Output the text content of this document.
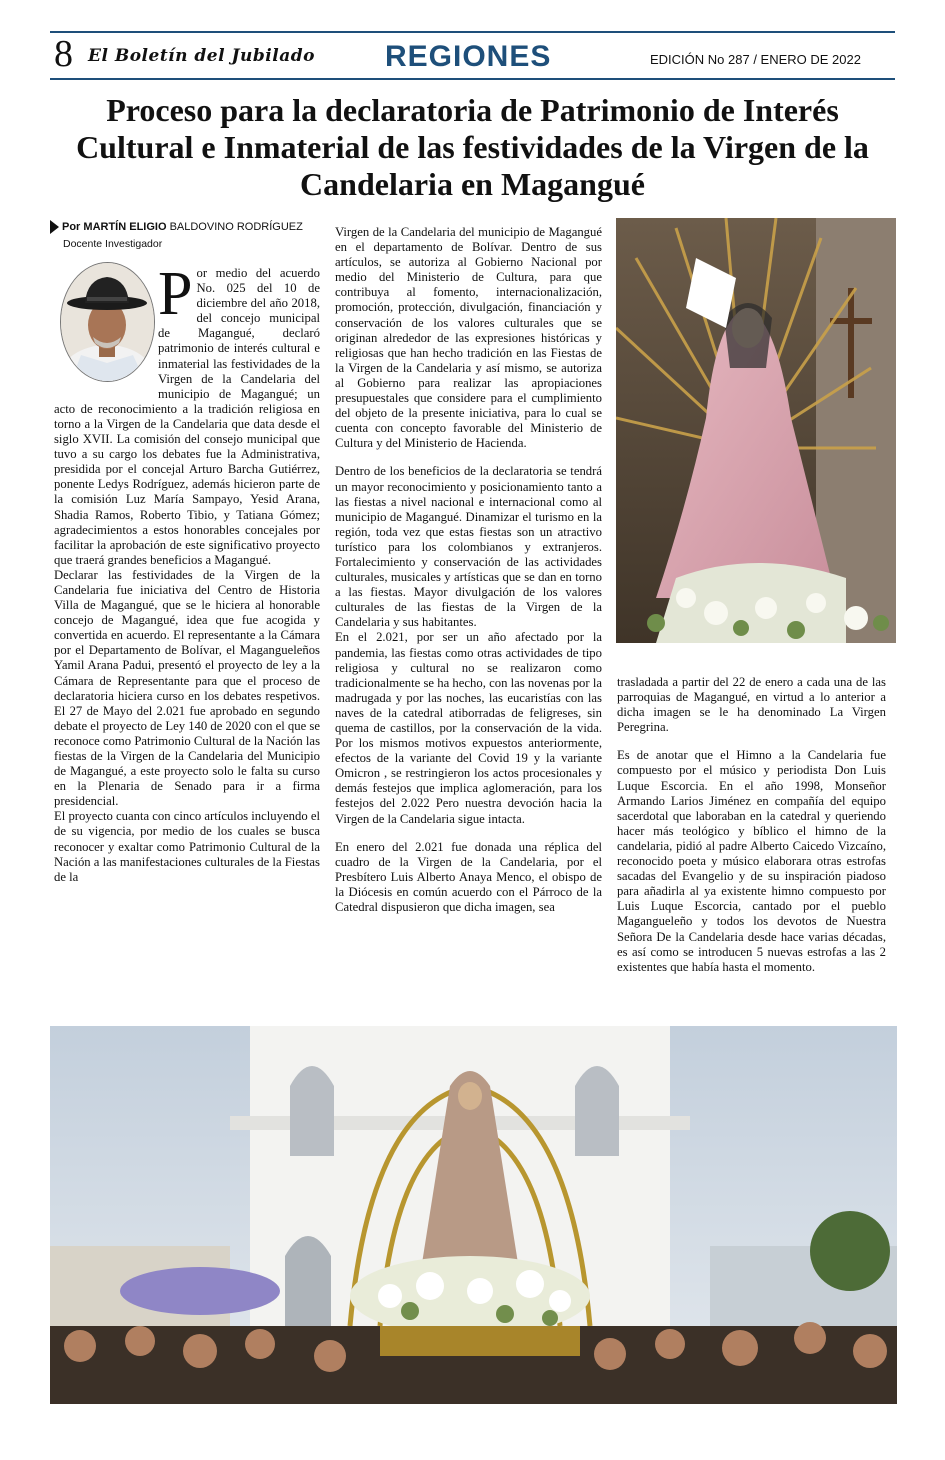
8 El Boletín del Jubilado REGIONES	EDICIÓN No 287 / ENERO DE 2022
Proceso para la declaratoria de Patrimonio de Interés Cultural e Inmaterial de las festividades de la Virgen de la Candelaria en Magangué
Por MARTÍN ELIGIO BALDOVINO RODRÍGUEZ
Docente Investigador

Por medio del acuerdo No. 025 del 10 de diciembre del año 2018, del concejo municipal de Magangué, declaró patrimonio de interés cultural e inmaterial las festividades de la Virgen de la Candelaria del municipio de Magangué; un acto de reconocimiento a la tradición religiosa en torno a la Virgen de la Candelaria que data desde el siglo XVII. La comisión del consejo municipal que tuvo a su cargo los debates fue la Administrativa, presidida por el concejal Arturo Barcha Gutiérrez, ponente Ledys Rodríguez, además hicieron parte de la comisión Luz María Sampayo, Yesid Arana, Shadia Ramos, Roberto Tibio, y Tatiana Gómez; agradecimientos a estos honorables concejales por facilitar la aprobación de este significativo proyecto que traerá grandes beneficios a Magangué.

Declarar las festividades de la Virgen de la Candelaria fue iniciativa del Centro de Historia Villa de Magangué, que se le hiciera al honorable concejo de Magangué, idea que fue acogida y convertida en acuerdo. El representante a la Cámara por el Departamento de Bolívar, el Magangueleños Yamil Arana Padui, presentó el proyecto de ley a la Cámara de Representante para que el proceso de declaratoria hiciera curso en los debates respetivos. El 27 de Mayo del 2.021 fue aprobado en segundo debate el proyecto de Ley 140 de 2020 con el que se reconoce como Patrimonio Cultural de la Nación las fiestas de la Virgen de la Candelaria del Municipio de Magangué, a este proyecto solo le falta su curso en la Plenaria de Senado para ir a firma presidencial.

El proyecto cuanta con cinco artículos incluyendo el de su vigencia, por medio de los cuales se busca reconocer y exaltar como Patrimonio Cultural de la Nación a las manifestaciones culturales de la Fiestas de la

Virgen de la Candelaria del municipio de Magangué en el departamento de Bolívar. Dentro de sus artículos, se autoriza al Gobierno Nacional por medio del Ministerio de Cultura, para que contribuya al fomento, internacionalización, promoción, protección, divulgación, financiación y conservación de los valores culturales que se originan alrededor de las expresiones históricas y religiosas que han hecho tradición en las Fiestas de la Virgen de la Candelaria y así mismo, se autoriza al Gobierno para realizar las apropiaciones presupuestales que considere para el cumplimiento del objeto de la presente iniciativa, para lo cual se cuenta con concepto favorable del Ministerio de Cultura y del Ministerio de Hacienda.

Dentro de los beneficios de la declaratoria se tendrá un mayor reconocimiento y posicionamiento tanto a las fiestas a nivel nacional e internacional como al municipio de Magangué. Dinamizar el turismo en la región, toda vez que estas fiestas son un atractivo turístico para los colombianos y extranjeros. Fortalecimiento y conservación de las actividades culturales, musicales y artísticas que se dan en torno a las fiestas. Mayor divulgación de los valores culturales de las fiestas de la Virgen de la Candelaria y sus habitantes.

En el 2.021, por ser un año afectado por la pandemia, las fiestas como otras actividades de tipo religiosa y cultural no se realizaron como tradicionalmente se ha hecho, con las novenas por la madrugada y por las noches, las eucaristías con las naves de la catedral atiborradas de feligreses, sin quema de castillos, por la conservación de la vida. Por los mismos motivos expuestos anteriormente, efectos de la variante del Covid 19 y la variante Omicron , se restringieron los actos procesionales y demás festejos que implica aglomeración, para los festejos del 2.022 Pero nuestra devoción hacia la Virgen de la Candelaria sigue intacta.

En enero del 2.021 fue donada una réplica del cuadro de la Virgen de la Candelaria, por el Presbítero Luis Alberto Anaya Menco, el obispo de la Diócesis en común acuerdo con el Párroco de la Catedral dispusieron que dicha imagen, sea

trasladada a partir del 22 de enero a cada una de las parroquias de Magangué, en virtud a lo anterior a dicha imagen se le ha denominado La Virgen Peregrina.

Es de anotar que el Himno a la Candelaria fue compuesto por el músico y periodista Don Luis Luque Escorcia. En el año 1998, Monseñor Armando Larios Jiménez en compañía del equipo sacerdotal que laboraban en la catedral y queriendo hacer más teológico y bíblico el himno de la candelaria, pidió al padre Alberto Caicedo Vizcaíno, reconocido poeta y músico elaborara otras estrofas sacadas del Evangelio y de su inspiración piadoso para añadirla al ya existente himno compuesto por Luis Luque Escorcia, cantado por el pueblo Magangueleño y todos los devotos de Nuestra Señora De la Candelaria desde hace varias décadas, es así como se introducen 5 nuevas estrofas a las 2 existentes que había hasta el momento.
